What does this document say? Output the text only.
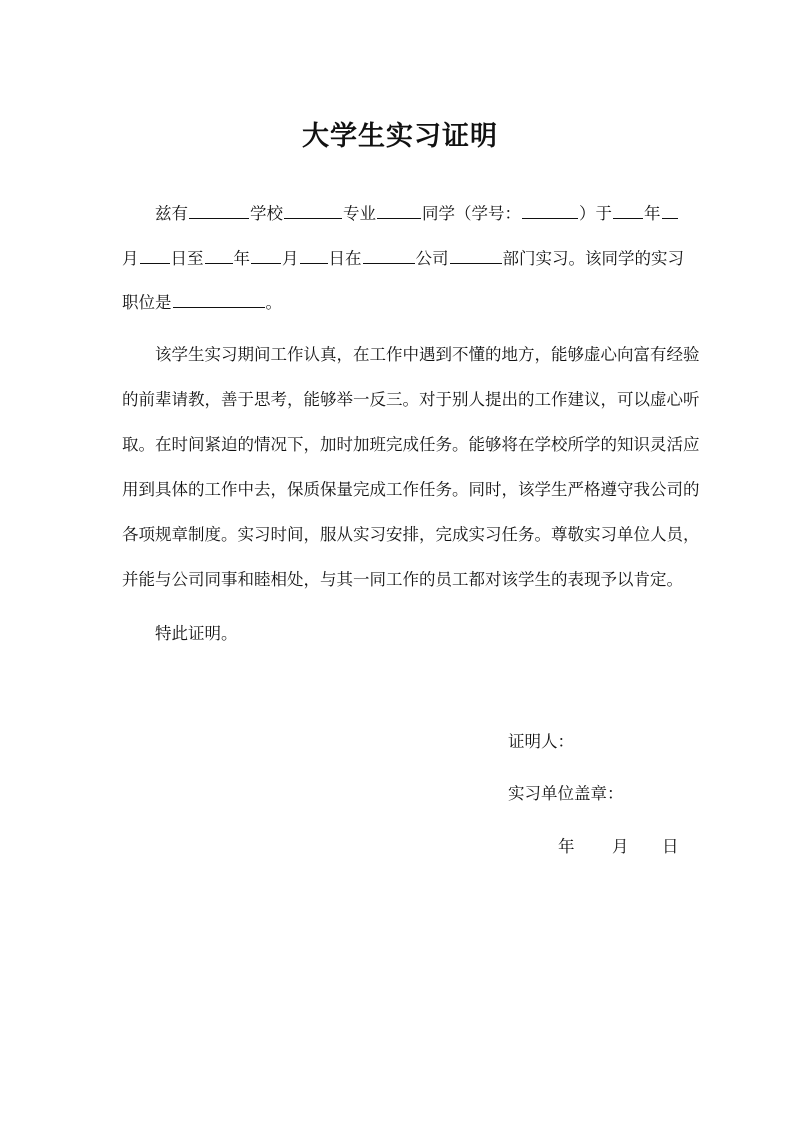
大学生实习证明
兹有	学校	专业	同学（学号：	）于 年
月 日至 年 月 日在	公司	部门实习。该同学的实习
职位是	。
该学生实习期间工作认真，在工作中遇到不懂的地方，能够虚心向富有经验
的前辈请教，善于思考，能够举一反三。对于别人提出的工作建议，可以虚心听
取。在时间紧迫的情况下，加时加班完成任务。能够将在学校所学的知识灵活应
用到具体的工作中去，保质保量完成工作任务。同时，该学生严格遵守我公司的
各项规章制度。实习时间，服从实习安排，完成实习任务。尊敬实习单位人员，
并能与公司同事和睦相处，与其一同工作的员工都对该学生的表现予以肯定。
特此证明。
证明人：
实习单位盖章：
年 月 日
